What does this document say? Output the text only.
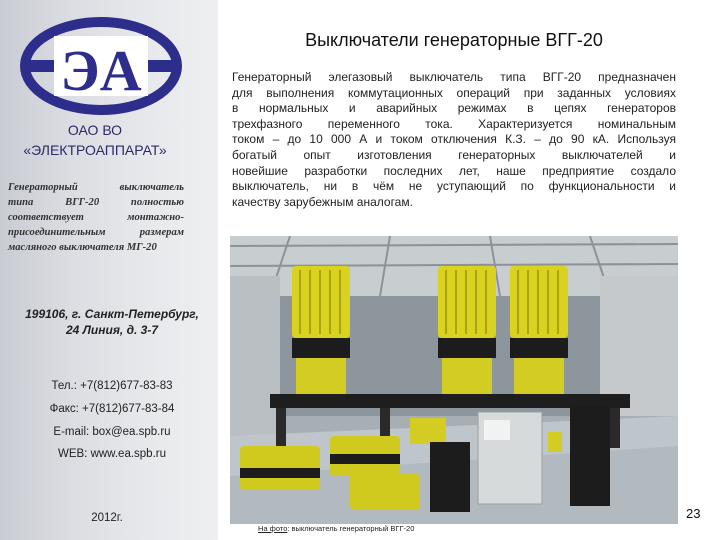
ЭА
ОАО ВО
«ЭЛЕКТРОАППАРАТ»
Генераторный выключатель
типа ВГГ-20 полностью
соответствует монтажно-
присоединительным размерам
масляного выключателя МГ-20
199106, г. Санкт-Петербург,
24 Линия, д. 3-7
Тел.: +7(812)677-83-83
Факс: +7(812)677-83-84
E-mail: box@ea.spb.ru
WEB: www.ea.spb.ru
2012г.
Выключатели генераторные ВГГ-20
Генераторный элегазовый выключатель типа ВГГ-20 предназначен
для выполнения коммутационных операций при заданных условиях
в нормальных и аварийных режимах в цепях генераторов
трехфазного переменного тока. Характеризуется номинальным
током – до 10 000 А и током отключения К.З. – до 90 кА. Используя
богатый опыт изготовления генераторных выключателей и
новейшие разработки последних лет, наше предприятие создало
выключатель, ни в чём не уступающий по функциональности и
качеству зарубежным аналогам.
На фото: выключатель генераторный ВГГ-20
23
